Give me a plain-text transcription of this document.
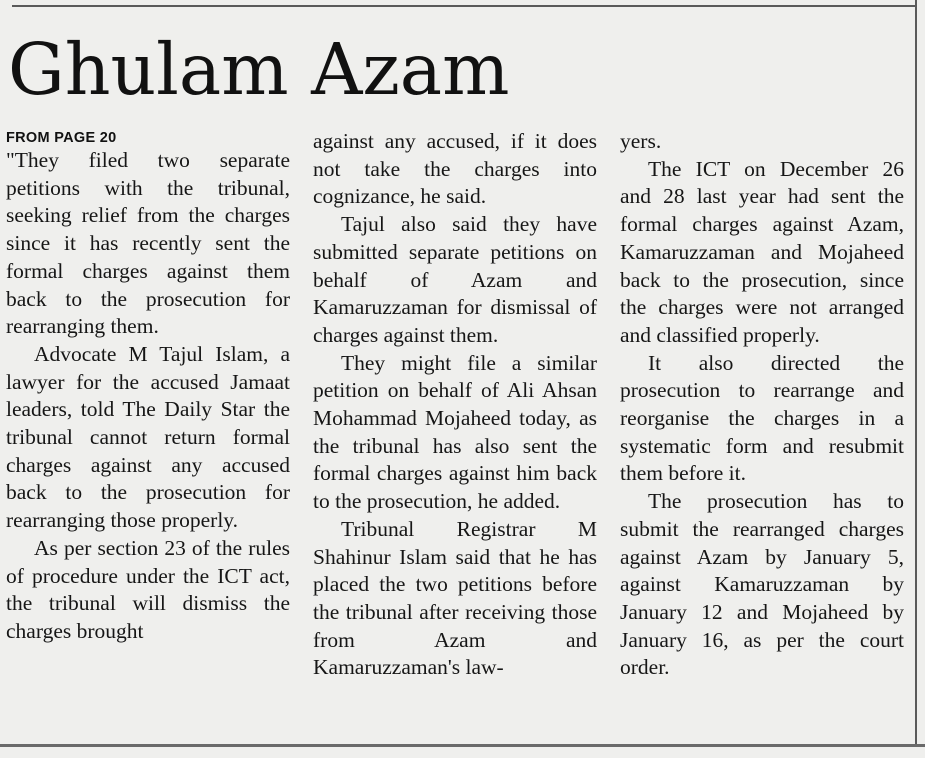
Ghulam Azam
FROM PAGE 20

"They filed two separate petitions with the tribunal, seeking relief from the charges since it has recently sent the formal charges against them back to the prosecution for rearranging them.

Advocate M Tajul Islam, a lawyer for the accused Jamaat leaders, told The Daily Star the tribunal cannot return formal charges against any accused back to the prosecution for rearranging those properly.

As per section 23 of the rules of procedure under the ICT act, the tribunal will dismiss the charges brought

against any accused, if it does not take the charges into cognizance, he said.

Tajul also said they have submitted separate petitions on behalf of Azam and Kamaruzzaman for dismissal of charges against them.

They might file a similar petition on behalf of Ali Ahsan Mohammad Mojaheed today, as the tribunal has also sent the formal charges against him back to the prosecution, he added.

Tribunal Registrar M Shahinur Islam said that he has placed the two petitions before the tribunal after receiving those from Azam and Kamaruzzaman's law-

yers.

The ICT on December 26 and 28 last year had sent the formal charges against Azam, Kamaruzzaman and Mojaheed back to the prosecution, since the charges were not arranged and classified properly.

It also directed the prosecution to rearrange and reorganise the charges in a systematic form and resubmit them before it.

The prosecution has to submit the rearranged charges against Azam by January 5, against Kamaruzzaman by January 12 and Mojaheed by January 16, as per the court order.
